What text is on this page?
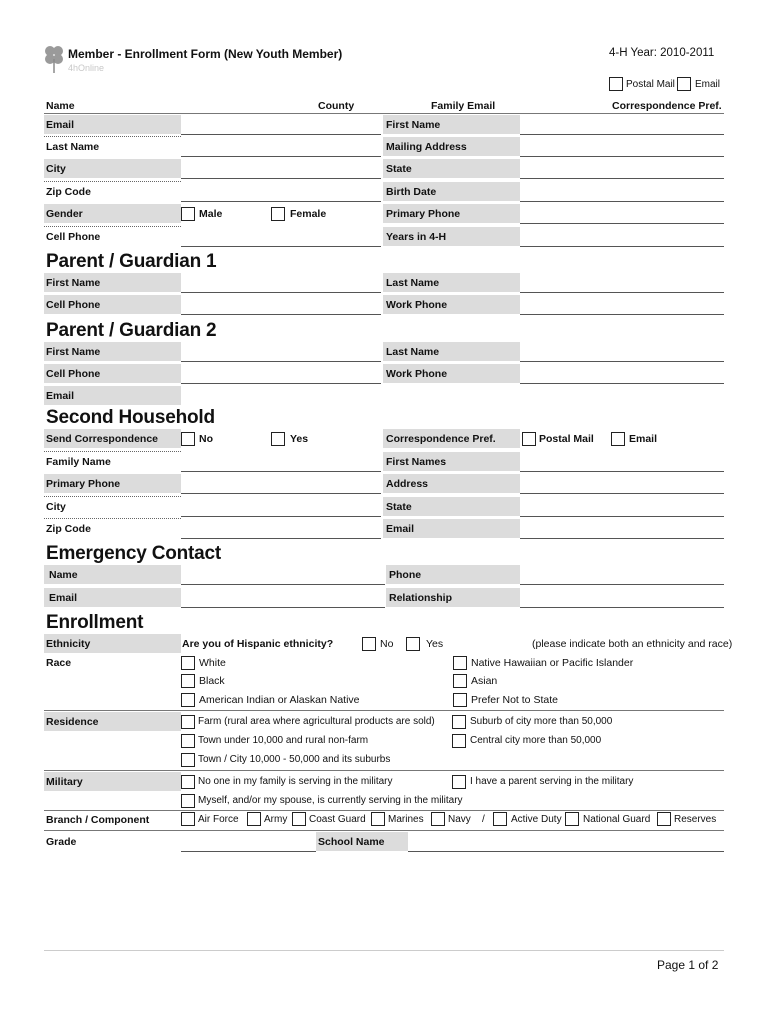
Member - Enrollment Form (New Youth Member)
4hOnline
4-H Year: 2010-2011
Postal Mail Email
Name	County	Family Email	Correspondence Pref.
Email	First Name
Last Name	Mailing Address
City	State
Zip Code	Birth Date
Gender	Male	Female	Primary Phone
Cell Phone	Years in 4-H
Parent / Guardian 1
First Name	Last Name
Cell Phone	Work Phone
Parent / Guardian 2
First Name	Last Name
Cell Phone	Work Phone
Email
Second Household
Send Correspondence	No	Yes	Correspondence Pref.	Postal Mail	Email
Family Name	First Names
Primary Phone	Address
City	State
Zip Code	Email
Emergency Contact
Name	Phone
Email	Relationship
Enrollment
Ethnicity	Are you of Hispanic ethnicity?	No	Yes	(please indicate both an ethnicity and race)
Race	White	Native Hawaiian or Pacific Islander
Black	Asian
American Indian or Alaskan Native	Prefer Not to State
Residence	Farm (rural area where agricultural products are sold)	Suburb of city more than 50,000
Town under 10,000 and rural non-farm	Central city more than 50,000
Town / City 10,000 - 50,000 and its suburbs
Military	No one in my family is serving in the military	I have a parent serving in the military
Myself, and/or my spouse, is currently serving in the military
Branch / Component	Air Force	Army Coast Guard Marines Navy /	Active Duty National Guard Reserves
Grade	School Name
Page 1 of 2
